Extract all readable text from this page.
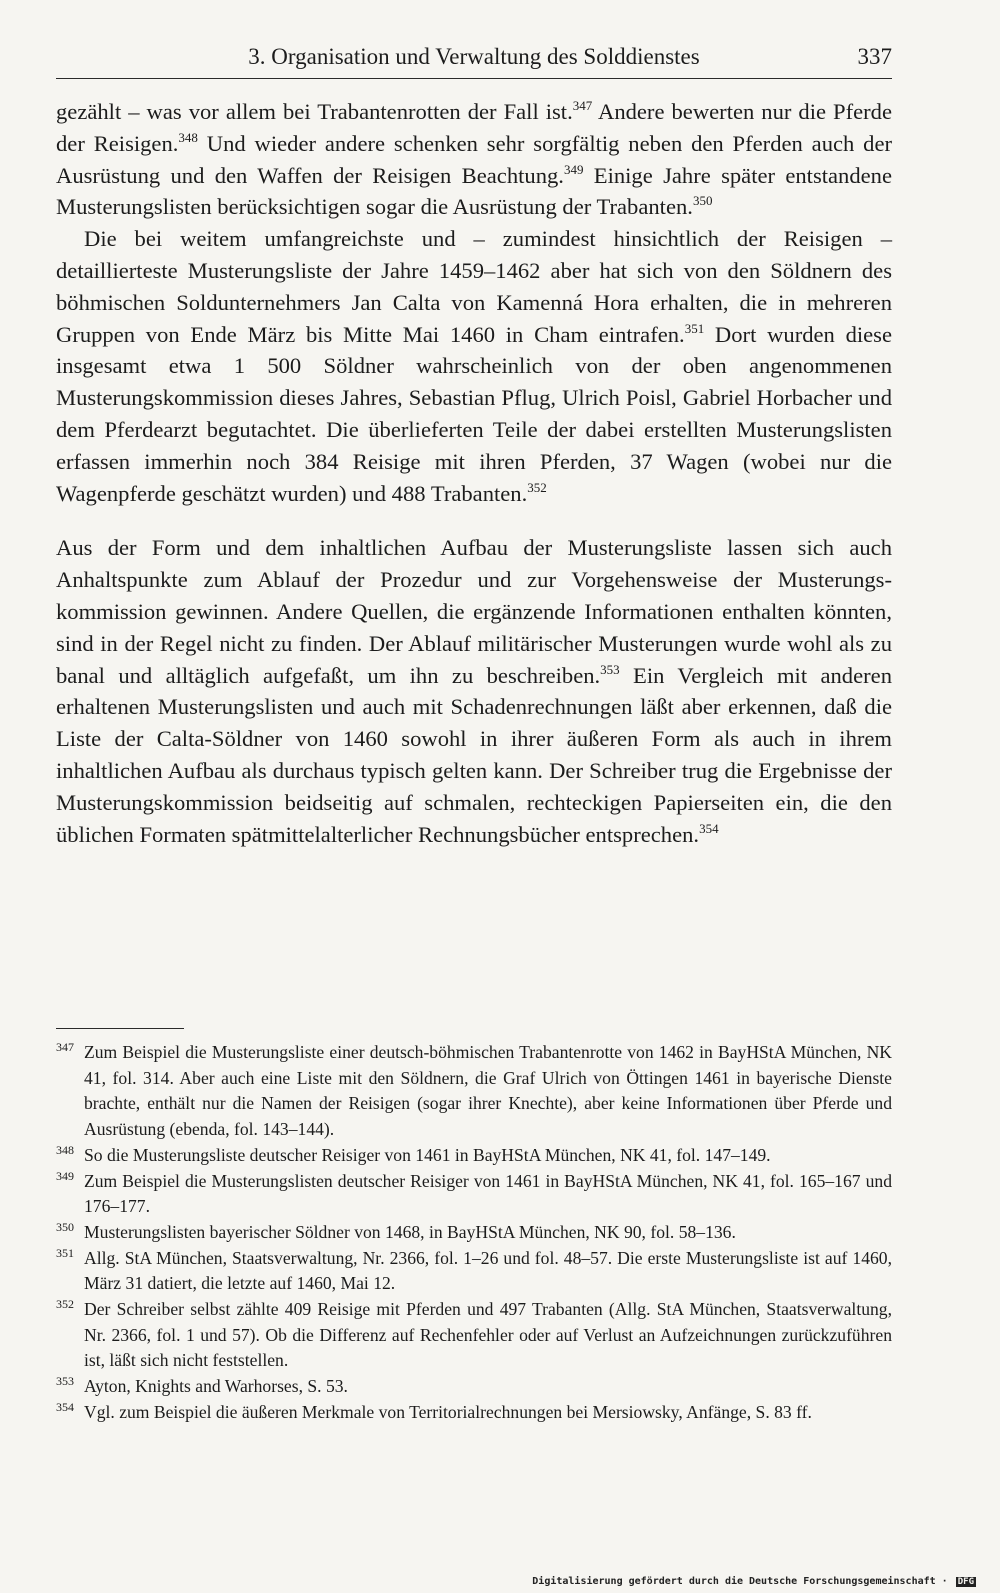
3. Organisation und Verwaltung des Solddienstes	337

gezählt – was vor allem bei Trabantenrotten der Fall ist.$^{347}$ Andere bewerten nur die Pferde der Reisigen.$^{348}$ Und wieder andere schenken sehr sorgfältig neben den Pferden auch der Ausrüstung und den Waffen der Reisigen Beachtung.$^{349}$ Einige Jahre später entstandene Musterungslisten berücksichtigen sogar die Ausrüstung der Trabanten.$^{350}$

Die bei weitem umfangreichste und – zumindest hinsichtlich der Reisigen – detaillierteste Musterungsliste der Jahre 1459–1462 aber hat sich von den Söldnern des böhmischen Soldunternehmers Jan Calta von Kamenná Hora erhalten, die in mehreren Gruppen von Ende März bis Mitte Mai 1460 in Cham eintrafen.$^{351}$ Dort wurden diese insgesamt etwa 1 500 Söldner wahrscheinlich von der oben angenommenen Musterungskommission dieses Jahres, Sebastian Pflug, Ulrich Poisl, Gabriel Horbacher und dem Pferdearzt begutachtet. Die überlieferten Teile der dabei erstellten Musterungslisten erfassen immerhin noch 384 Reisige mit ihren Pferden, 37 Wagen (wobei nur die Wagenpferde geschätzt wurden) und 488 Trabanten.$^{352}$

Aus der Form und dem inhaltlichen Aufbau der Musterungsliste lassen sich auch Anhaltspunkte zum Ablauf der Prozedur und zur Vorgehensweise der Musterungskommission gewinnen. Andere Quellen, die ergänzende Informationen enthalten könnten, sind in der Regel nicht zu finden. Der Ablauf militärischer Musterungen wurde wohl als zu banal und alltäglich aufgefaßt, um ihn zu beschreiben.$^{353}$ Ein Vergleich mit anderen erhaltenen Musterungslisten und auch mit Schadenrechnungen läßt aber erkennen, daß die Liste der Calta-Söldner von 1460 sowohl in ihrer äußeren Form als auch in ihrem inhaltlichen Aufbau als durchaus typisch gelten kann. Der Schreiber trug die Ergebnisse der Musterungskommission beidseitig auf schmalen, rechteckigen Papierseiten ein, die den üblichen Formaten spätmittelalterlicher Rechnungsbücher entsprechen.$^{354}$

347 Zum Beispiel die Musterungsliste einer deutsch-böhmischen Trabantenrotte von 1462 in BayHStA München, NK 41, fol. 314. Aber auch eine Liste mit den Söldnern, die Graf Ulrich von Öttingen 1461 in bayerische Dienste brachte, enthält nur die Namen der Reisigen (sogar ihrer Knechte), aber keine Informationen über Pferde und Ausrüstung (ebenda, fol. 143–144).

348 So die Musterungsliste deutscher Reisiger von 1461 in BayHStA München, NK 41, fol. 147–149.

349 Zum Beispiel die Musterungslisten deutscher Reisiger von 1461 in BayHStA München, NK 41, fol. 165–167 und 176–177.

350 Musterungslisten bayerischer Söldner von 1468, in BayHStA München, NK 90, fol. 58–136.

351 Allg. StA München, Staatsverwaltung, Nr. 2366, fol. 1–26 und fol. 48–57. Die erste Musterungsliste ist auf 1460, März 31 datiert, die letzte auf 1460, Mai 12.

352 Der Schreiber selbst zählte 409 Reisige mit Pferden und 497 Trabanten (Allg. StA München, Staatsverwaltung, Nr. 2366, fol. 1 und 57). Ob die Differenz auf Rechenfehler oder auf Verlust an Aufzeichnungen zurückzuführen ist, läßt sich nicht feststellen.

353 Ayton, Knights and Warhorses, S. 53.

354 Vgl. zum Beispiel die äußeren Merkmale von Territorialrechnungen bei Mersiowsky, Anfänge, S. 83 ff.

Digitalisierung gefördert durch die Deutsche Forschungsgemeinschaft · DFG
